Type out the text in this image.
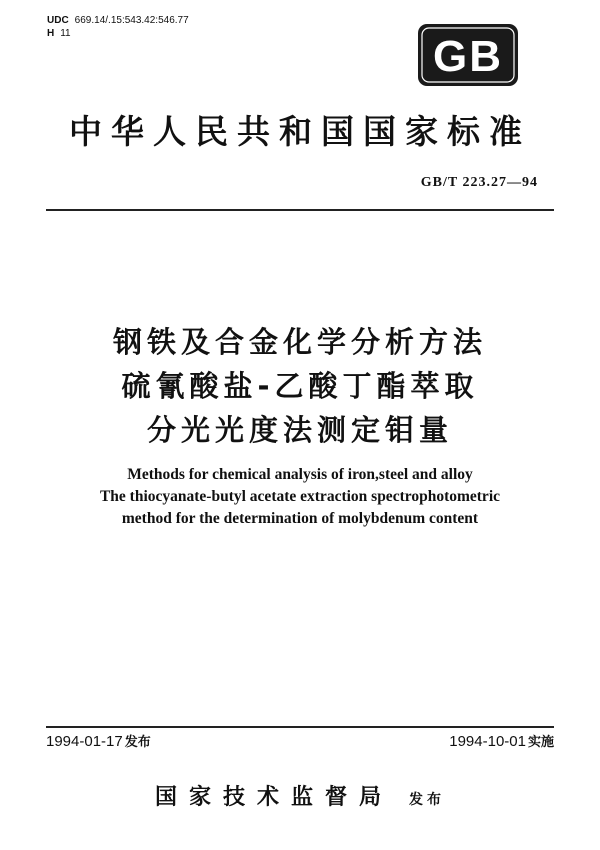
UDC 669.14/.15:543.42:546.77
H 11	GB
中华人民共和国国家标准
GB/T 223.27—94
钢铁及合金化学分析方法
硫氰酸盐-乙酸丁酯萃取
分光光度法测定钼量
Methods for chemical analysis of iron,steel and alloy
The thiocyanate-butyl acetate extraction spectrophotometric
method for the determination of molybdenum content
1994-01-17 发布	1994-10-01 实施
国家技术监督局 发布
